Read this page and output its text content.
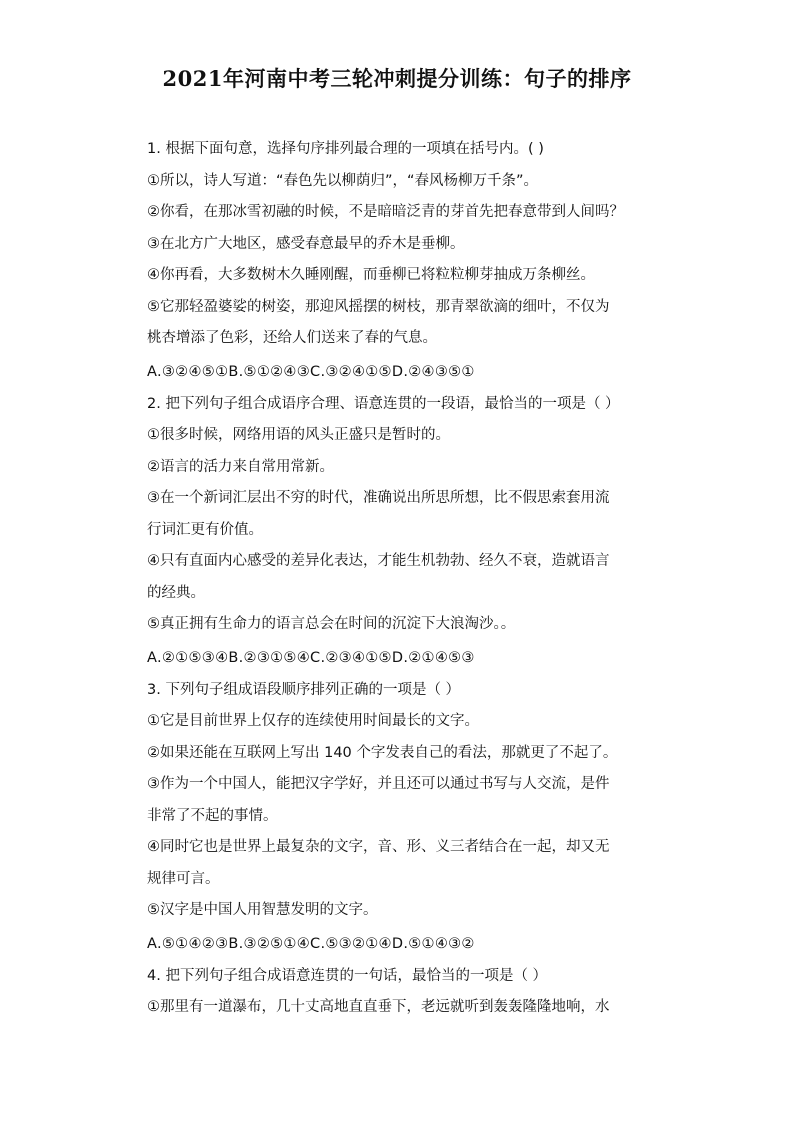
2021年河南中考三轮冲刺提分训练：句子的排序
1. 根据下面句意，选择句序排列最合理的一项填在括号内。( )
①所以，诗人写道：“春色先以柳荫归”，“春风杨柳万千条”。
②你看，在那冰雪初融的时候，不是暗暗泛青的芽首先把春意带到人间吗？
③在北方广大地区，感受春意最早的乔木是垂柳。
④你再看，大多数树木久睡刚醒，而垂柳已将粒粒柳芽抽成万条柳丝。
⑤它那轻盈婆娑的树姿，那迎风摇摆的树枝，那青翠欲滴的细叶，不仅为
桃杏增添了色彩，还给人们送来了春的气息。
A.③②④⑤①B.⑤①②④③C.③②④①⑤D.②④③⑤①
2. 把下列句子组合成语序合理、语意连贯的一段语，最恰当的一项是（ ）
①很多时候，网络用语的风头正盛只是暂时的。
②语言的活力来自常用常新。
③在一个新词汇层出不穷的时代，准确说出所思所想，比不假思索套用流
行词汇更有价值。
④只有直面内心感受的差异化表达，才能生机勃勃、经久不衰，造就语言
的经典。
⑤真正拥有生命力的语言总会在时间的沉淀下大浪淘沙。。
A.②①⑤③④B.②③①⑤④C.②③④①⑤D.②①④⑤③
3. 下列句子组成语段顺序排列正确的一项是（ ）
①它是目前世界上仅存的连续使用时间最长的文字。
②如果还能在互联网上写出 140 个字发表自己的看法，那就更了不起了。
③作为一个中国人，能把汉字学好，并且还可以通过书写与人交流，是件
非常了不起的事情。
④同时它也是世界上最复杂的文字，音、形、义三者结合在一起，却又无
规律可言。
⑤汉字是中国人用智慧发明的文字。
A.⑤①④②③B.③②⑤①④C.⑤③②①④D.⑤①④③②
4. 把下列句子组合成语意连贯的一句话，最恰当的一项是（ ）
①那里有一道瀑布，几十丈高地直直垂下，老远就听到轰轰隆隆地响，水
